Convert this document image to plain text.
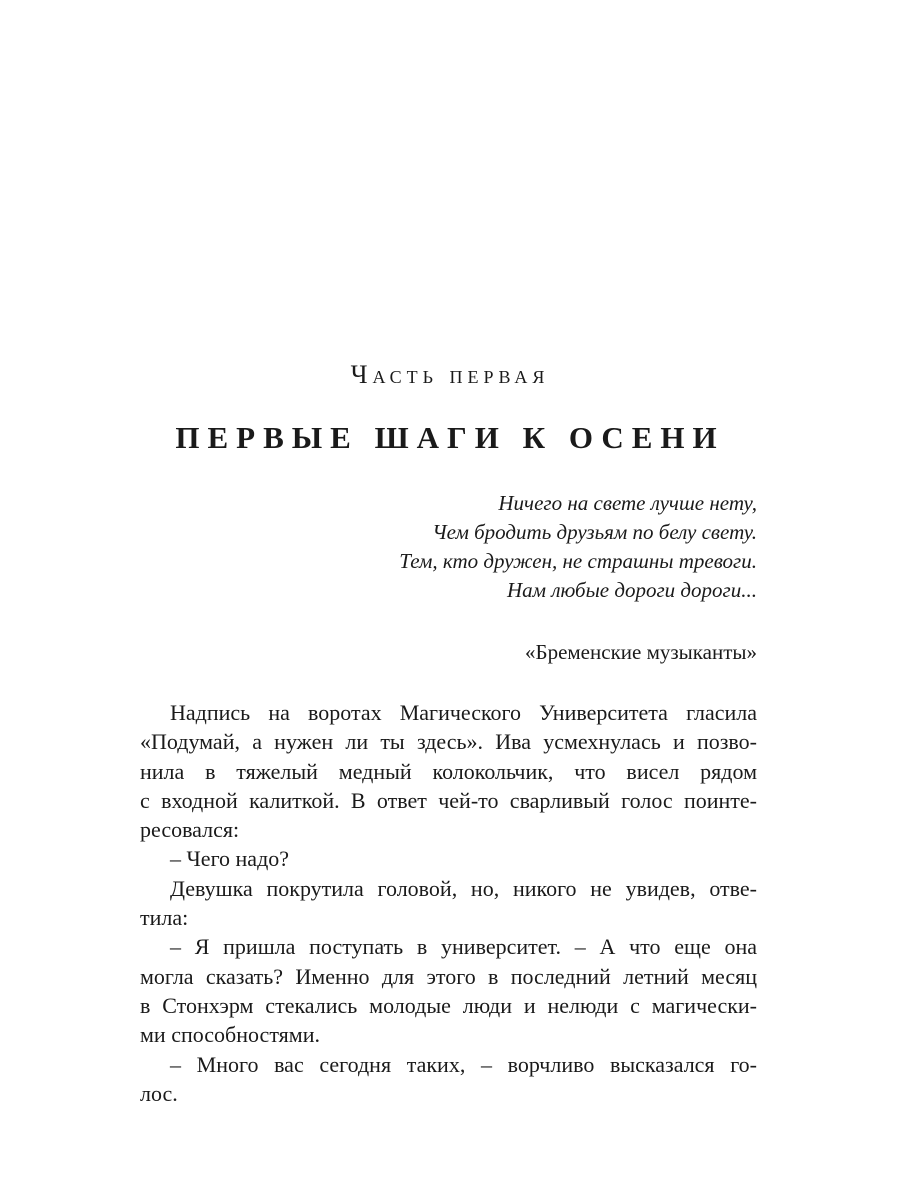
Часть первая
ПЕРВЫЕ ШАГИ К ОСЕНИ
Ничего на свете лучше нету,
Чем бродить друзьям по белу свету.
Тем, кто дружен, не страшны тревоги.
Нам любые дороги дороги...
«Бременские музыканты»
Надпись на воротах Магического Университета гласила
«Подумай, а нужен ли ты здесь». Ива усмехнулась и позво-
нила в тяжелый медный колокольчик, что висел рядом
с входной калиткой. В ответ чей-то сварливый голос поинте-
ресовался:
– Чего надо?
Девушка покрутила головой, но, никого не увидев, отве-
тила:
– Я пришла поступать в университет. – А что еще она
могла сказать? Именно для этого в последний летний месяц
в Стонхэрм стекались молодые люди и нелюди с магически-
ми способностями.
– Много вас сегодня таких, – ворчливо высказался го-
лос.
